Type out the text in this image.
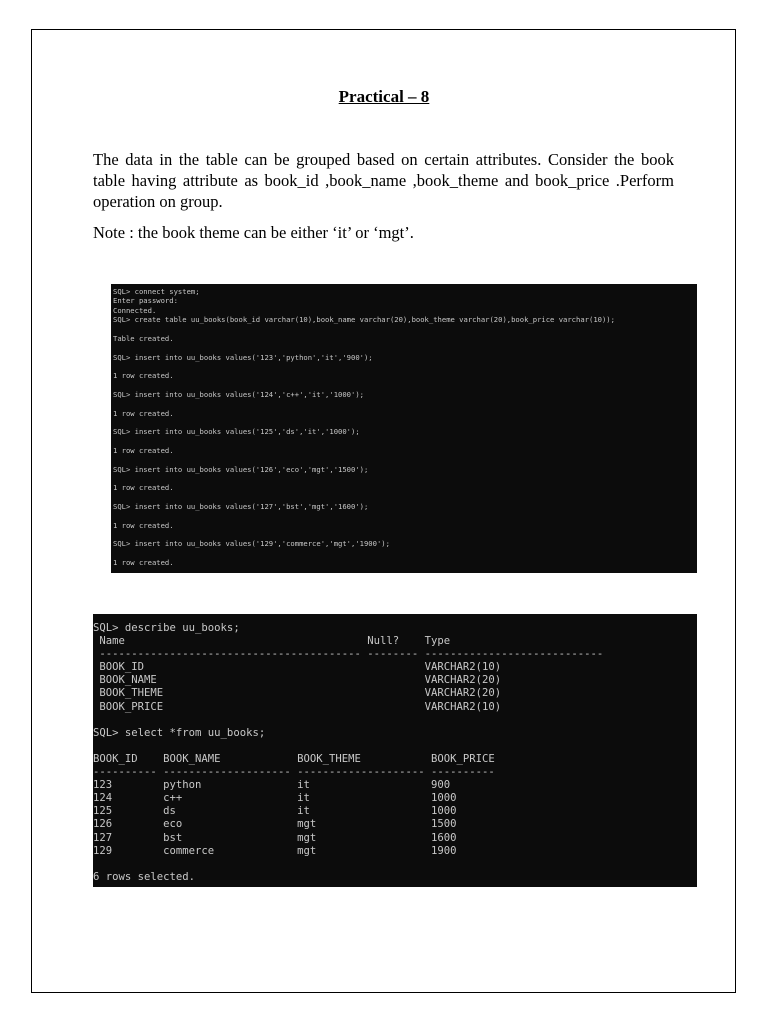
Practical – 8

The data in the table can be grouped based on certain attributes. Consider the book table having attribute as book_id ,book_name ,book_theme and book_price .Perform operation on group.

Note : the book theme can be either ‘it’ or ‘mgt’.

SQL> connect system;
Enter password:
Connected.
SQL> create table uu_books(book_id varchar(10),book_name varchar(20),book_theme varchar(20),book_price varchar(10));
Table created.
SQL> insert into uu_books values('123','python','it','900');
1 row created.
SQL> insert into uu_books values('124','c++','it','1000');
1 row created.
SQL> insert into uu_books values('125','ds','it','1000');
1 row created.
SQL> insert into uu_books values('126','eco','mgt','1500');
1 row created.
SQL> insert into uu_books values('127','bst','mgt','1600');
1 row created.
SQL> insert into uu_books values('129','commerce','mgt','1900');
1 row created.
SQL> describe uu_books;
Name                                      Null?    Type
----------------------------------------- -------- ----------------------------
BOOK_ID                                            VARCHAR2(10)
BOOK_NAME                                          VARCHAR2(20)
BOOK_THEME                                         VARCHAR2(20)
BOOK_PRICE                                         VARCHAR2(10)
SQL> select *from uu_books;
BOOK_ID    BOOK_NAME            BOOK_THEME           BOOK_PRICE
---------- -------------------- -------------------- ----------
123        python               it                   900
124        c++                  it                   1000
125        ds                   it                   1000
126        eco                  mgt                  1500
127        bst                  mgt                  1600
129        commerce             mgt                  1900
6 rows selected.
